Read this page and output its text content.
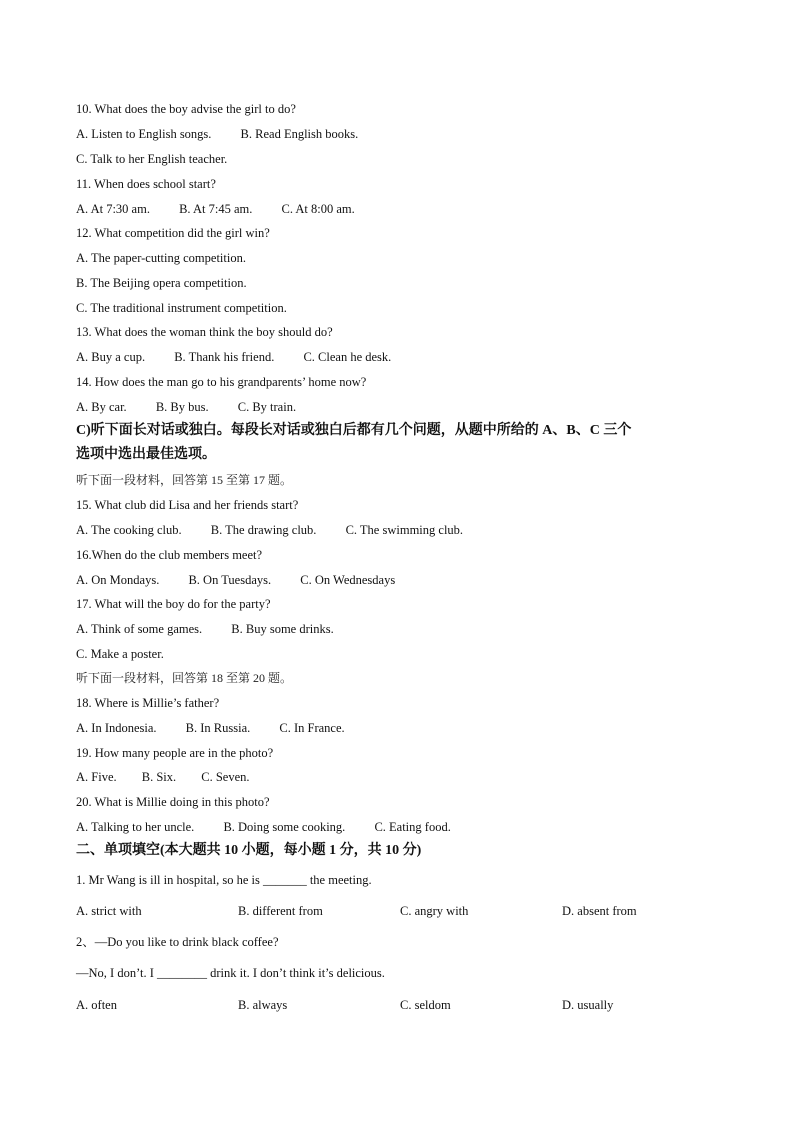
10. What does the boy advise the girl to do?
A. Listen to English songs. B. Read English books.
C. Talk to her English teacher.
11. When does school start?
A. At 7:30 am. B. At 7:45 am. C. At 8:00 am.
12. What competition did the girl win?
A. The paper-cutting competition.
B. The Beijing opera competition.
C. The traditional instrument competition.
13. What does the woman think the boy should do?
A. Buy a cup. B. Thank his friend. C. Clean he desk.
14. How does the man go to his grandparents’ home now?
A. By car. B. By bus. C. By train.
C)听下面长对话或独白。每段长对话或独白后都有几个问题，从题中所给的 A、B、C 三个
选项中选出最佳选项。
听下面一段材料，回答第 15 至第 17 题。
15. What club did Lisa and her friends start?
A. The cooking club. B. The drawing club. C. The swimming club.
16.When do the club members meet?
A. On Mondays. B. On Tuesdays. C. On Wednesdays
17. What will the boy do for the party?
A. Think of some games. B. Buy some drinks.
C. Make a poster.
听下面一段材料，回答第 18 至第 20 题。
18. Where is Millie’s father?
A. In Indonesia. B. In Russia. C. In France.
19. How many people are in the photo?
A. Five. B. Six. C. Seven.
20. What is Millie doing in this photo?
A. Talking to her uncle. B. Doing some cooking. C. Eating food.
二、单项填空(本大题共 10 小题，每小题 1 分，共 10 分)
1. Mr Wang is ill in hospital, so he is _______ the meeting.
A. strict with	B. different from	C. angry with	D. absent from
2、—Do you like to drink black coffee?
—No, I don’t. I ________ drink it. I don’t think it’s delicious.
A. often	B. always	C. seldom	D. usually
